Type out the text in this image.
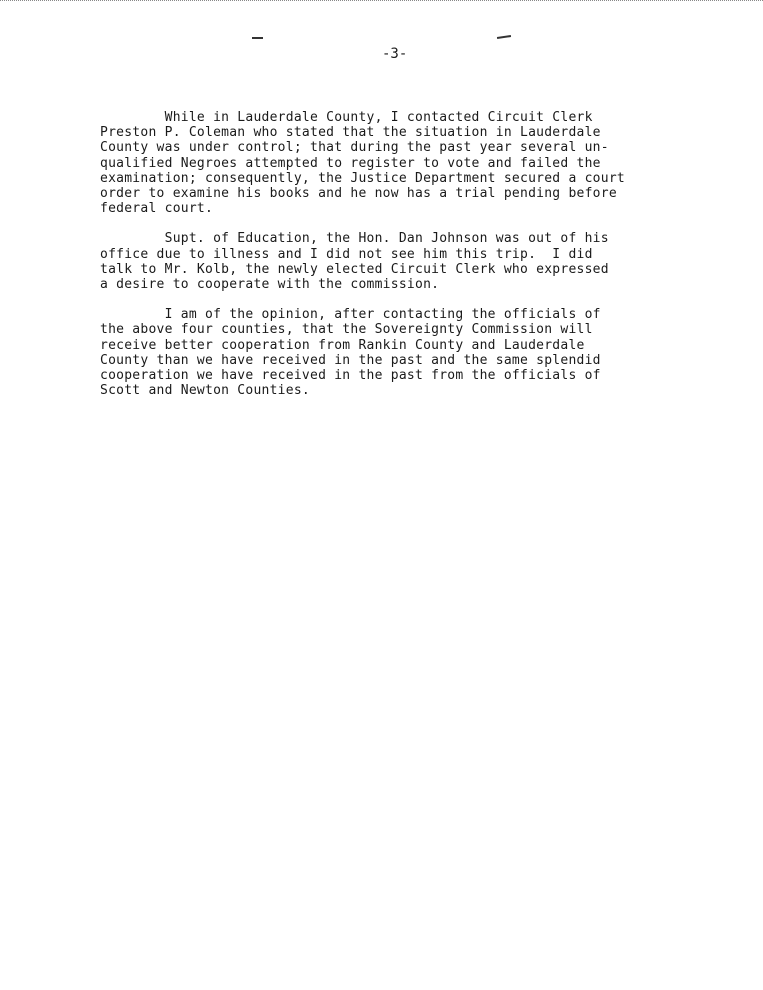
-3-

While in Lauderdale County, I contacted Circuit Clerk
Preston P. Coleman who stated that the situation in Lauderdale
County was under control; that during the past year several un-
qualified Negroes attempted to register to vote and failed the
examination; consequently, the Justice Department secured a court
order to examine his books and he now has a trial pending before
federal court.

Supt. of Education, the Hon. Dan Johnson was out of his
office due to illness and I did not see him this trip.  I did
talk to Mr. Kolb, the newly elected Circuit Clerk who expressed
a desire to cooperate with the commission.

I am of the opinion, after contacting the officials of
the above four counties, that the Sovereignty Commission will
receive better cooperation from Rankin County and Lauderdale
County than we have received in the past and the same splendid
cooperation we have received in the past from the officials of
Scott and Newton Counties.
